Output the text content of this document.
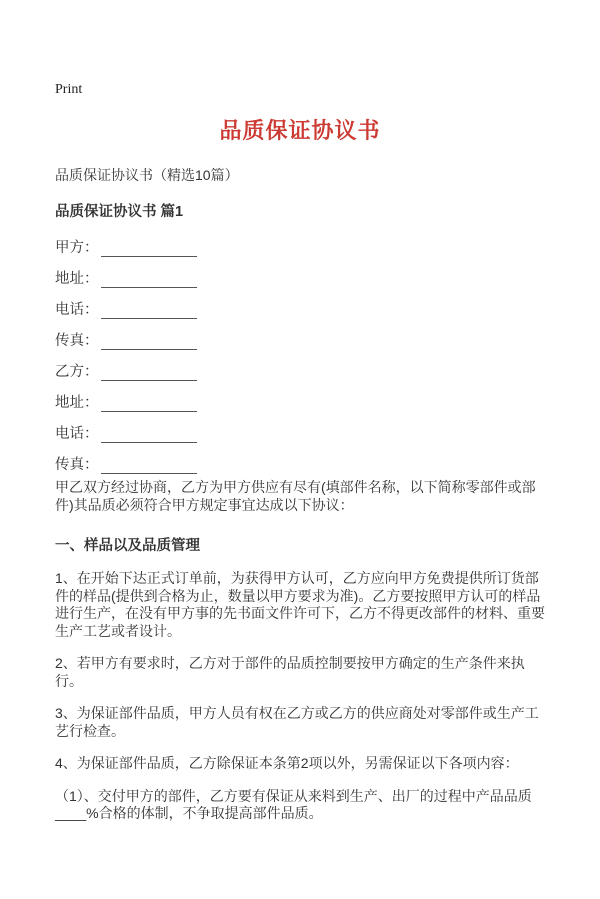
Print
品质保证协议书

品质保证协议书（精选10篇）

品质保证协议书 篇1

甲方：
地址：
电话：
传真：
乙方：
地址：
电话：
传真：

甲乙双方经过协商，乙方为甲方供应有尽有(填部件名称，以下简称零部件或部件)其品质必须符合甲方规定事宜达成以下协议：

一、样品以及品质管理

1、在开始下达正式订单前，为获得甲方认可，乙方应向甲方免费提供所订货部件的样品(提供到合格为止，数量以甲方要求为准)。乙方要按照甲方认可的样品进行生产，在没有甲方事的先书面文件许可下，乙方不得更改部件的材料、重要生产工艺或者设计。

2、若甲方有要求时，乙方对于部件的品质控制要按甲方确定的生产条件来执行。

3、为保证部件品质，甲方人员有权在乙方或乙方的供应商处对零部件或生产工艺行检查。

4、为保证部件品质，乙方除保证本条第2项以外，另需保证以下各项内容：

（1）、交付甲方的部件，乙方要有保证从来料到生产、出厂的过程中产品品质____%合格的体制，不争取提高部件品质。
